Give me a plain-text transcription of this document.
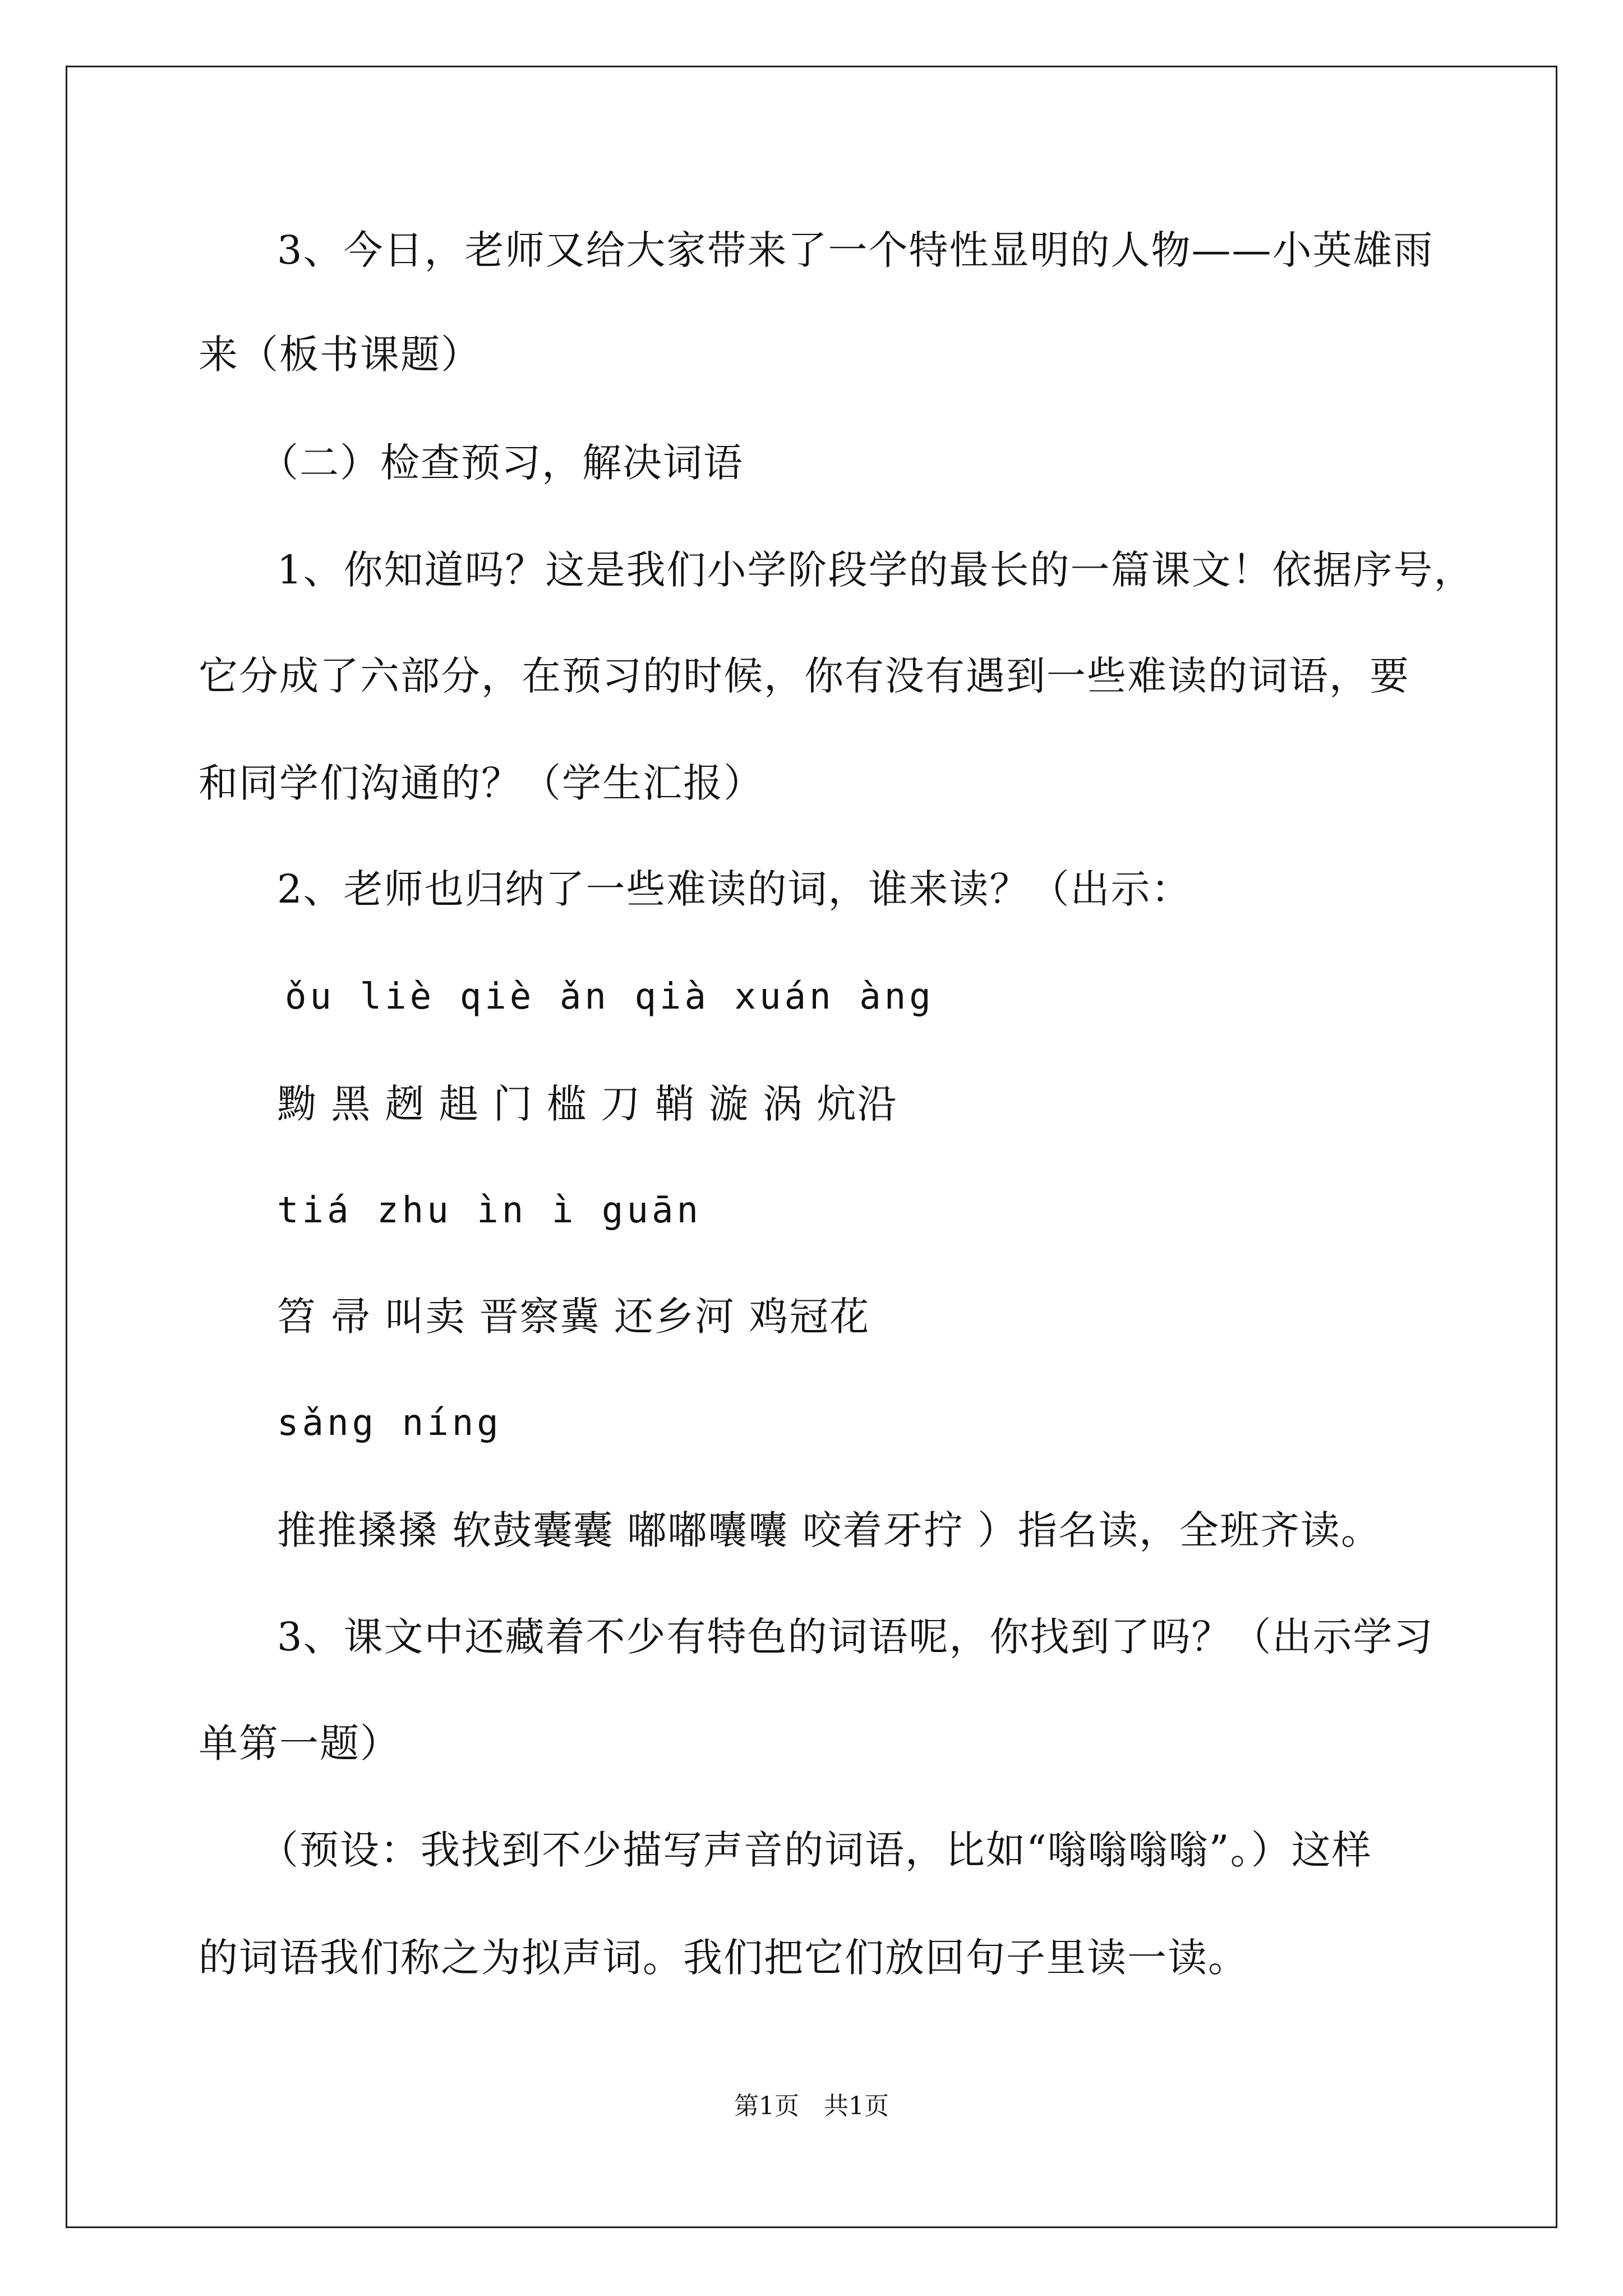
3、今日，老师又给大家带来了一个特性显明的人物——小英雄雨
来（板书课题）
（二）检查预习，解决词语
1、你知道吗？这是我们小学阶段学的最长的一篇课文！依据序号，
它分成了六部分，在预习的时候，你有没有遇到一些难读的词语，要
和同学们沟通的？（学生汇报）
2、老师也归纳了一些难读的词，谁来读？（出示：
ǒu liè qiè ǎn qià xuán àng
黝 黑 趔 趄 门 槛 刀 鞘 漩 涡 炕沿
tiá zhu ìn ì guān
笤 帚 叫卖 晋察冀 还乡河 鸡冠花
sǎng níng
推推搡搡 软鼓囊囊 嘟嘟囔囔 咬着牙拧 ）指名读，全班齐读。
3、课文中还藏着不少有特色的词语呢，你找到了吗？（出示学习
单第一题）
（预设：我找到不少描写声音的词语，比如“嗡嗡嗡嗡”。）这样
的词语我们称之为拟声词。我们把它们放回句子里读一读。
第1页　共1页
